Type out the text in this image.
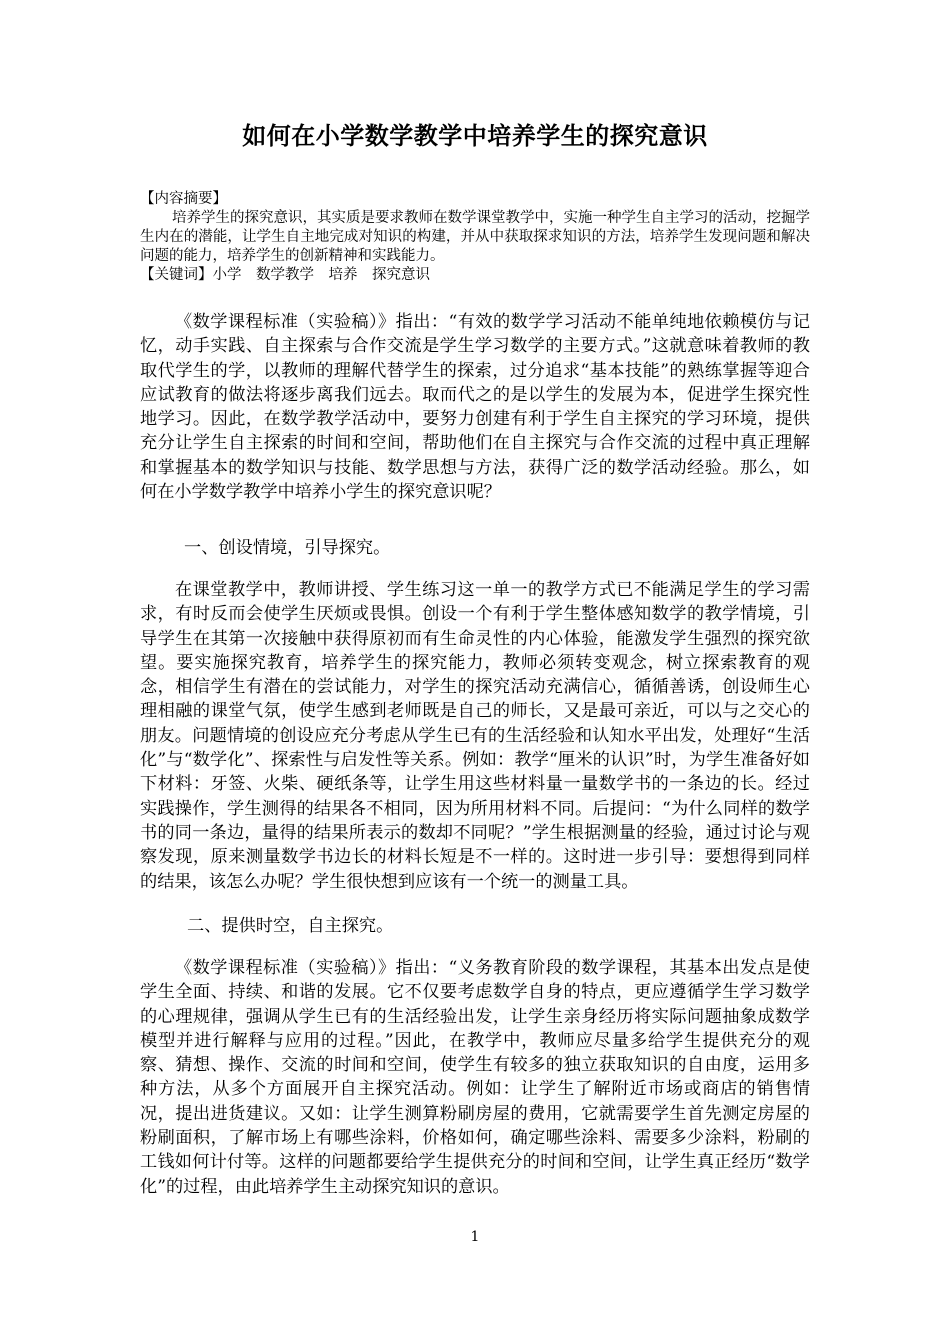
如何在小学数学教学中培养学生的探究意识

【内容摘要】

培养学生的探究意识，其实质是要求教师在数学课堂教学中，实施一种学生自主学习的活动，挖掘学生内在的潜能，让学生自主地完成对知识的构建，并从中获取探求知识的方法，培养学生发现问题和解决问题的能力，培养学生的创新精神和实践能力。

【关键词】小学　数学教学　培养　探究意识

《数学课程标准（实验稿）》指出：“有效的数学学习活动不能单纯地依赖模仿与记忆，动手实践、自主探索与合作交流是学生学习数学的主要方式。”这就意味着教师的教取代学生的学，以教师的理解代替学生的探索，过分追求“基本技能”的熟练掌握等迎合应试教育的做法将逐步离我们远去。取而代之的是以学生的发展为本，促进学生探究性地学习。因此，在数学教学活动中，要努力创建有利于学生自主探究的学习环境，提供充分让学生自主探索的时间和空间，帮助他们在自主探究与合作交流的过程中真正理解和掌握基本的数学知识与技能、数学思想与方法，获得广泛的数学活动经验。那么，如何在小学数学教学中培养小学生的探究意识呢？

一、创设情境，引导探究。

在课堂教学中，教师讲授、学生练习这一单一的教学方式已不能满足学生的学习需求，有时反而会使学生厌烦或畏惧。创设一个有利于学生整体感知数学的教学情境，引导学生在其第一次接触中获得原初而有生命灵性的内心体验，能激发学生强烈的探究欲望。要实施探究教育，培养学生的探究能力，教师必须转变观念，树立探索教育的观念，相信学生有潜在的尝试能力，对学生的探究活动充满信心，循循善诱，创设师生心理相融的课堂气氛，使学生感到老师既是自己的师长，又是最可亲近，可以与之交心的朋友。问题情境的创设应充分考虑从学生已有的生活经验和认知水平出发，处理好“生活化”与“数学化”、探索性与启发性等关系。例如：教学“厘米的认识”时，为学生准备好如下材料：牙签、火柴、硬纸条等，让学生用这些材料量一量数学书的一条边的长。经过实践操作，学生测得的结果各不相同，因为所用材料不同。后提问：“为什么同样的数学书的同一条边，量得的结果所表示的数却不同呢？”学生根据测量的经验，通过讨论与观察发现，原来测量数学书边长的材料长短是不一样的。这时进一步引导：要想得到同样的结果，该怎么办呢？学生很快想到应该有一个统一的测量工具。

二、提供时空，自主探究。

《数学课程标准（实验稿）》指出：“义务教育阶段的数学课程，其基本出发点是使学生全面、持续、和谐的发展。它不仅要考虑数学自身的特点，更应遵循学生学习数学的心理规律，强调从学生已有的生活经验出发，让学生亲身经历将实际问题抽象成数学模型并进行解释与应用的过程。”因此，在教学中，教师应尽量多给学生提供充分的观察、猜想、操作、交流的时间和空间，使学生有较多的独立获取知识的自由度，运用多种方法，从多个方面展开自主探究活动。例如：让学生了解附近市场或商店的销售情况，提出进货建议。又如：让学生测算粉刷房屋的费用，它就需要学生首先测定房屋的粉刷面积，了解市场上有哪些涂料，价格如何，确定哪些涂料、需要多少涂料，粉刷的工钱如何计付等。这样的问题都要给学生提供充分的时间和空间，让学生真正经历“数学化”的过程，由此培养学生主动探究知识的意识。

1
